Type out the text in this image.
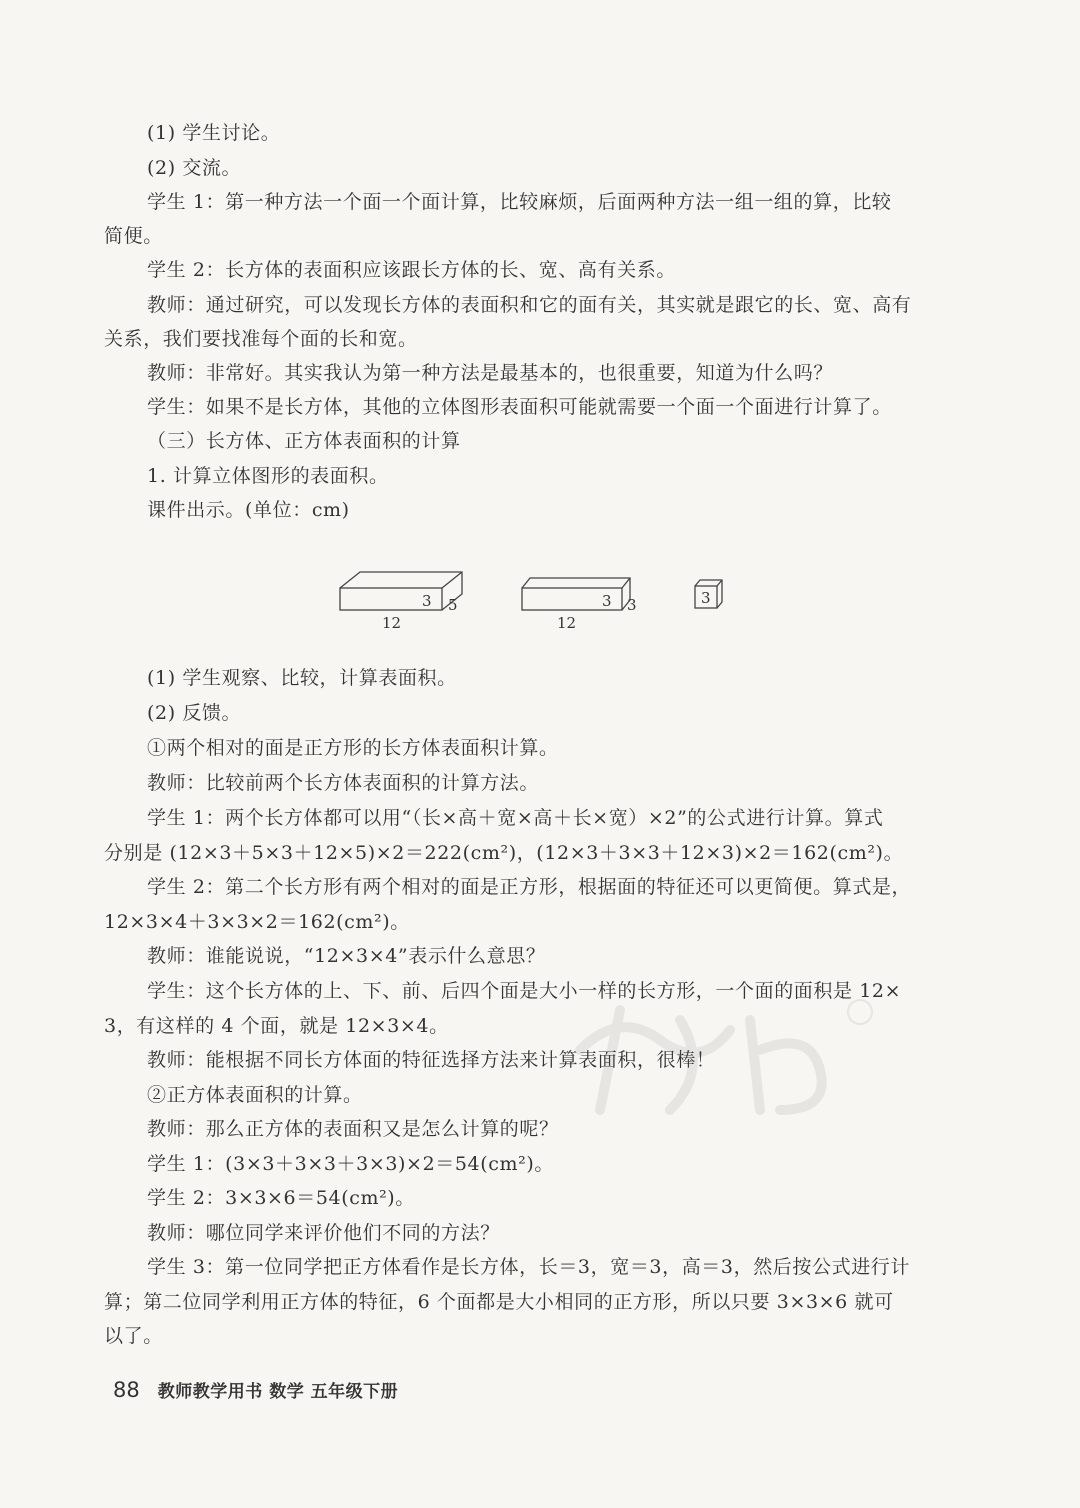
(1) 学生讨论。
(2) 交流。
学生 1：第一种方法一个面一个面计算，比较麻烦，后面两种方法一组一组的算，比较
简便。
学生 2：长方体的表面积应该跟长方体的长、宽、高有关系。
教师：通过研究，可以发现长方体的表面积和它的面有关，其实就是跟它的长、宽、高有
关系，我们要找准每个面的长和宽。
教师：非常好。其实我认为第一种方法是最基本的，也很重要，知道为什么吗？
学生：如果不是长方体，其他的立体图形表面积可能就需要一个面一个面进行计算了。
（三）长方体、正方体表面积的计算
1. 计算立体图形的表面积。
课件出示。(单位：cm)
12
3 5
12
3 3	3
(1) 学生观察、比较，计算表面积。
(2) 反馈。
①两个相对的面是正方形的长方体表面积计算。
教师：比较前两个长方体表面积的计算方法。
学生 1：两个长方体都可以用“（长×高＋宽×高＋长×宽）×2”的公式进行计算。算式
分别是 (12×3＋5×3＋12×5)×2＝222(cm²)，(12×3＋3×3＋12×3)×2＝162(cm²)。
学生 2：第二个长方形有两个相对的面是正方形，根据面的特征还可以更简便。算式是，
12×3×4＋3×3×2＝162(cm²)。
教师：谁能说说，“12×3×4”表示什么意思？
学生：这个长方体的上、下、前、后四个面是大小一样的长方形，一个面的面积是 12×
3，有这样的 4 个面，就是 12×3×4。
教师：能根据不同长方体面的特征选择方法来计算表面积，很棒！
②正方体表面积的计算。
教师：那么正方体的表面积又是怎么计算的呢？
学生 1：(3×3＋3×3＋3×3)×2＝54(cm²)。
学生 2：3×3×6＝54(cm²)。
教师：哪位同学来评价他们不同的方法？
学生 3：第一位同学把正方体看作是长方体，长＝3，宽＝3，高＝3，然后按公式进行计
算；第二位同学利用正方体的特征，6 个面都是大小相同的正方形，所以只要 3×3×6 就可
以了。
88 教师教学用书 数学 五年级下册
